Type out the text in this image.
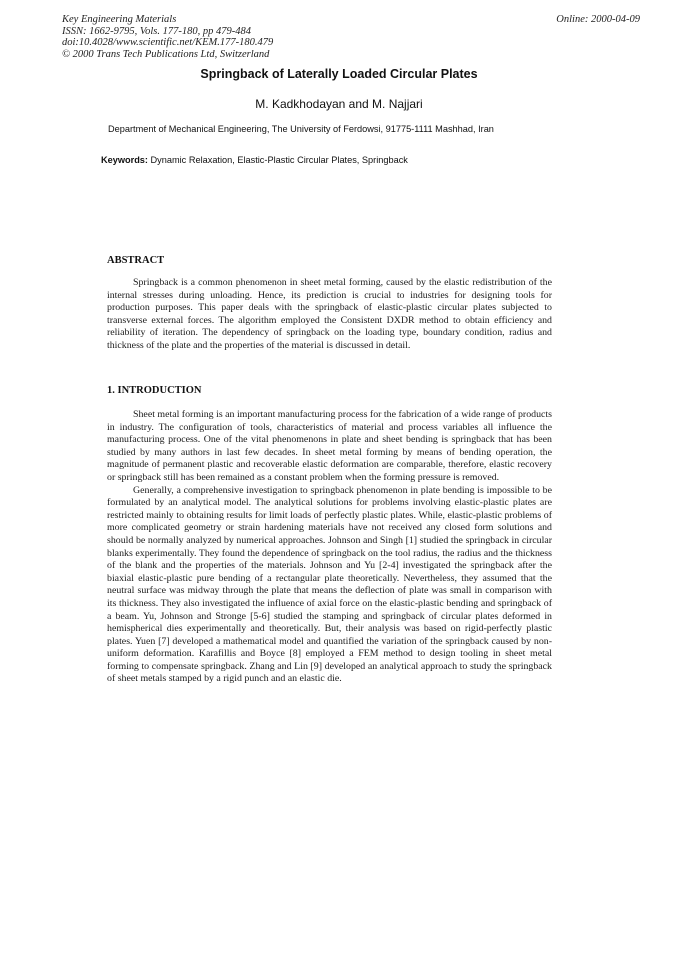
Key Engineering Materials
ISSN: 1662-9795, Vols. 177-180, pp 479-484
doi:10.4028/www.scientific.net/KEM.177-180.479
© 2000 Trans Tech Publications Ltd, Switzerland
Online: 2000-04-09
Springback of Laterally Loaded Circular Plates
M. Kadkhodayan and M. Najjari
Department of Mechanical Engineering, The University of Ferdowsi, 91775-1111 Mashhad, Iran
Keywords: Dynamic Relaxation, Elastic-Plastic Circular Plates, Springback
ABSTRACT

Springback is a common phenomenon in sheet metal forming, caused by the elastic redistribution of the internal stresses during unloading. Hence, its prediction is crucial to industries for designing tools for production purposes. This paper deals with the springback of elastic-plastic circular plates subjected to transverse external forces. The algorithm employed the Consistent DXDR method to obtain efficiency and reliability of iteration. The dependency of springback on the loading type, boundary condition, radius and thickness of the plate and the properties of the material is discussed in detail.

1. INTRODUCTION

Sheet metal forming is an important manufacturing process for the fabrication of a wide range of products in industry. The configuration of tools, characteristics of material and process variables all influence the manufacturing process. One of the vital phenomenons in plate and sheet bending is springback that has been studied by many authors in last few decades. In sheet metal forming by means of bending operation, the magnitude of permanent plastic and recoverable elastic deformation are comparable, therefore, elastic recovery or springback still has been remained as a constant problem when the forming pressure is removed.

Generally, a comprehensive investigation to springback phenomenon in plate bending is impossible to be formulated by an analytical model. The analytical solutions for problems involving elastic-plastic plates are restricted mainly to obtaining results for limit loads of perfectly plastic plates. While, elastic-plastic problems of more complicated geometry or strain hardening materials have not received any closed form solutions and should be normally analyzed by numerical approaches. Johnson and Singh [1] studied the springback in circular blanks experimentally. They found the dependence of springback on the tool radius, the radius and the thickness of the blank and the properties of the materials. Johnson and Yu [2-4] investigated the springback after the biaxial elastic-plastic pure bending of a rectangular plate theoretically. Nevertheless, they assumed that the neutral surface was midway through the plate that means the deflection of plate was small in comparison with its thickness. They also investigated the influence of axial force on the elastic-plastic bending and springback of a beam. Yu, Johnson and Stronge [5-6] studied the stamping and springback of circular plates deformed in hemispherical dies experimentally and theoretically. But, their analysis was based on rigid-perfectly plastic plates. Yuen [7] developed a mathematical model and quantified the variation of the springback caused by non-uniform deformation. Karafillis and Boyce [8] employed a FEM method to design tooling in sheet metal forming to compensate springback. Zhang and Lin [9] developed an analytical approach to study the springback of sheet metals stamped by a rigid punch and an elastic die.
